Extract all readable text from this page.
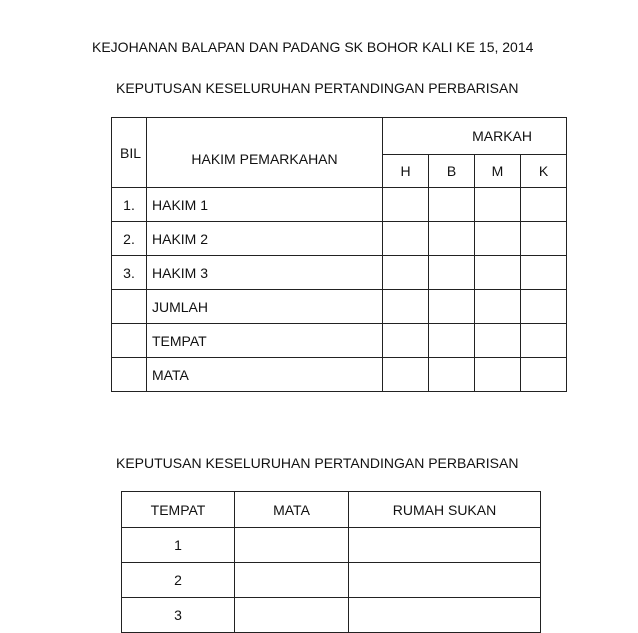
KEJOHANAN BALAPAN DAN PADANG SK BOHOR KALI KE 15, 2014
KEPUTUSAN KESELURUHAN PERTANDINGAN PERBARISAN
BIL	HAKIM PEMARKAHAN	MARKAH			
		H	B	M	K
1.	HAKIM 1				
2.	HAKIM 2				
3.	HAKIM 3				
	JUMLAH				
	TEMPAT				
	MATA				
KEPUTUSAN KESELURUHAN PERTANDINGAN PERBARISAN
TEMPAT	MATA	RUMAH SUKAN
1		
2		
3		
